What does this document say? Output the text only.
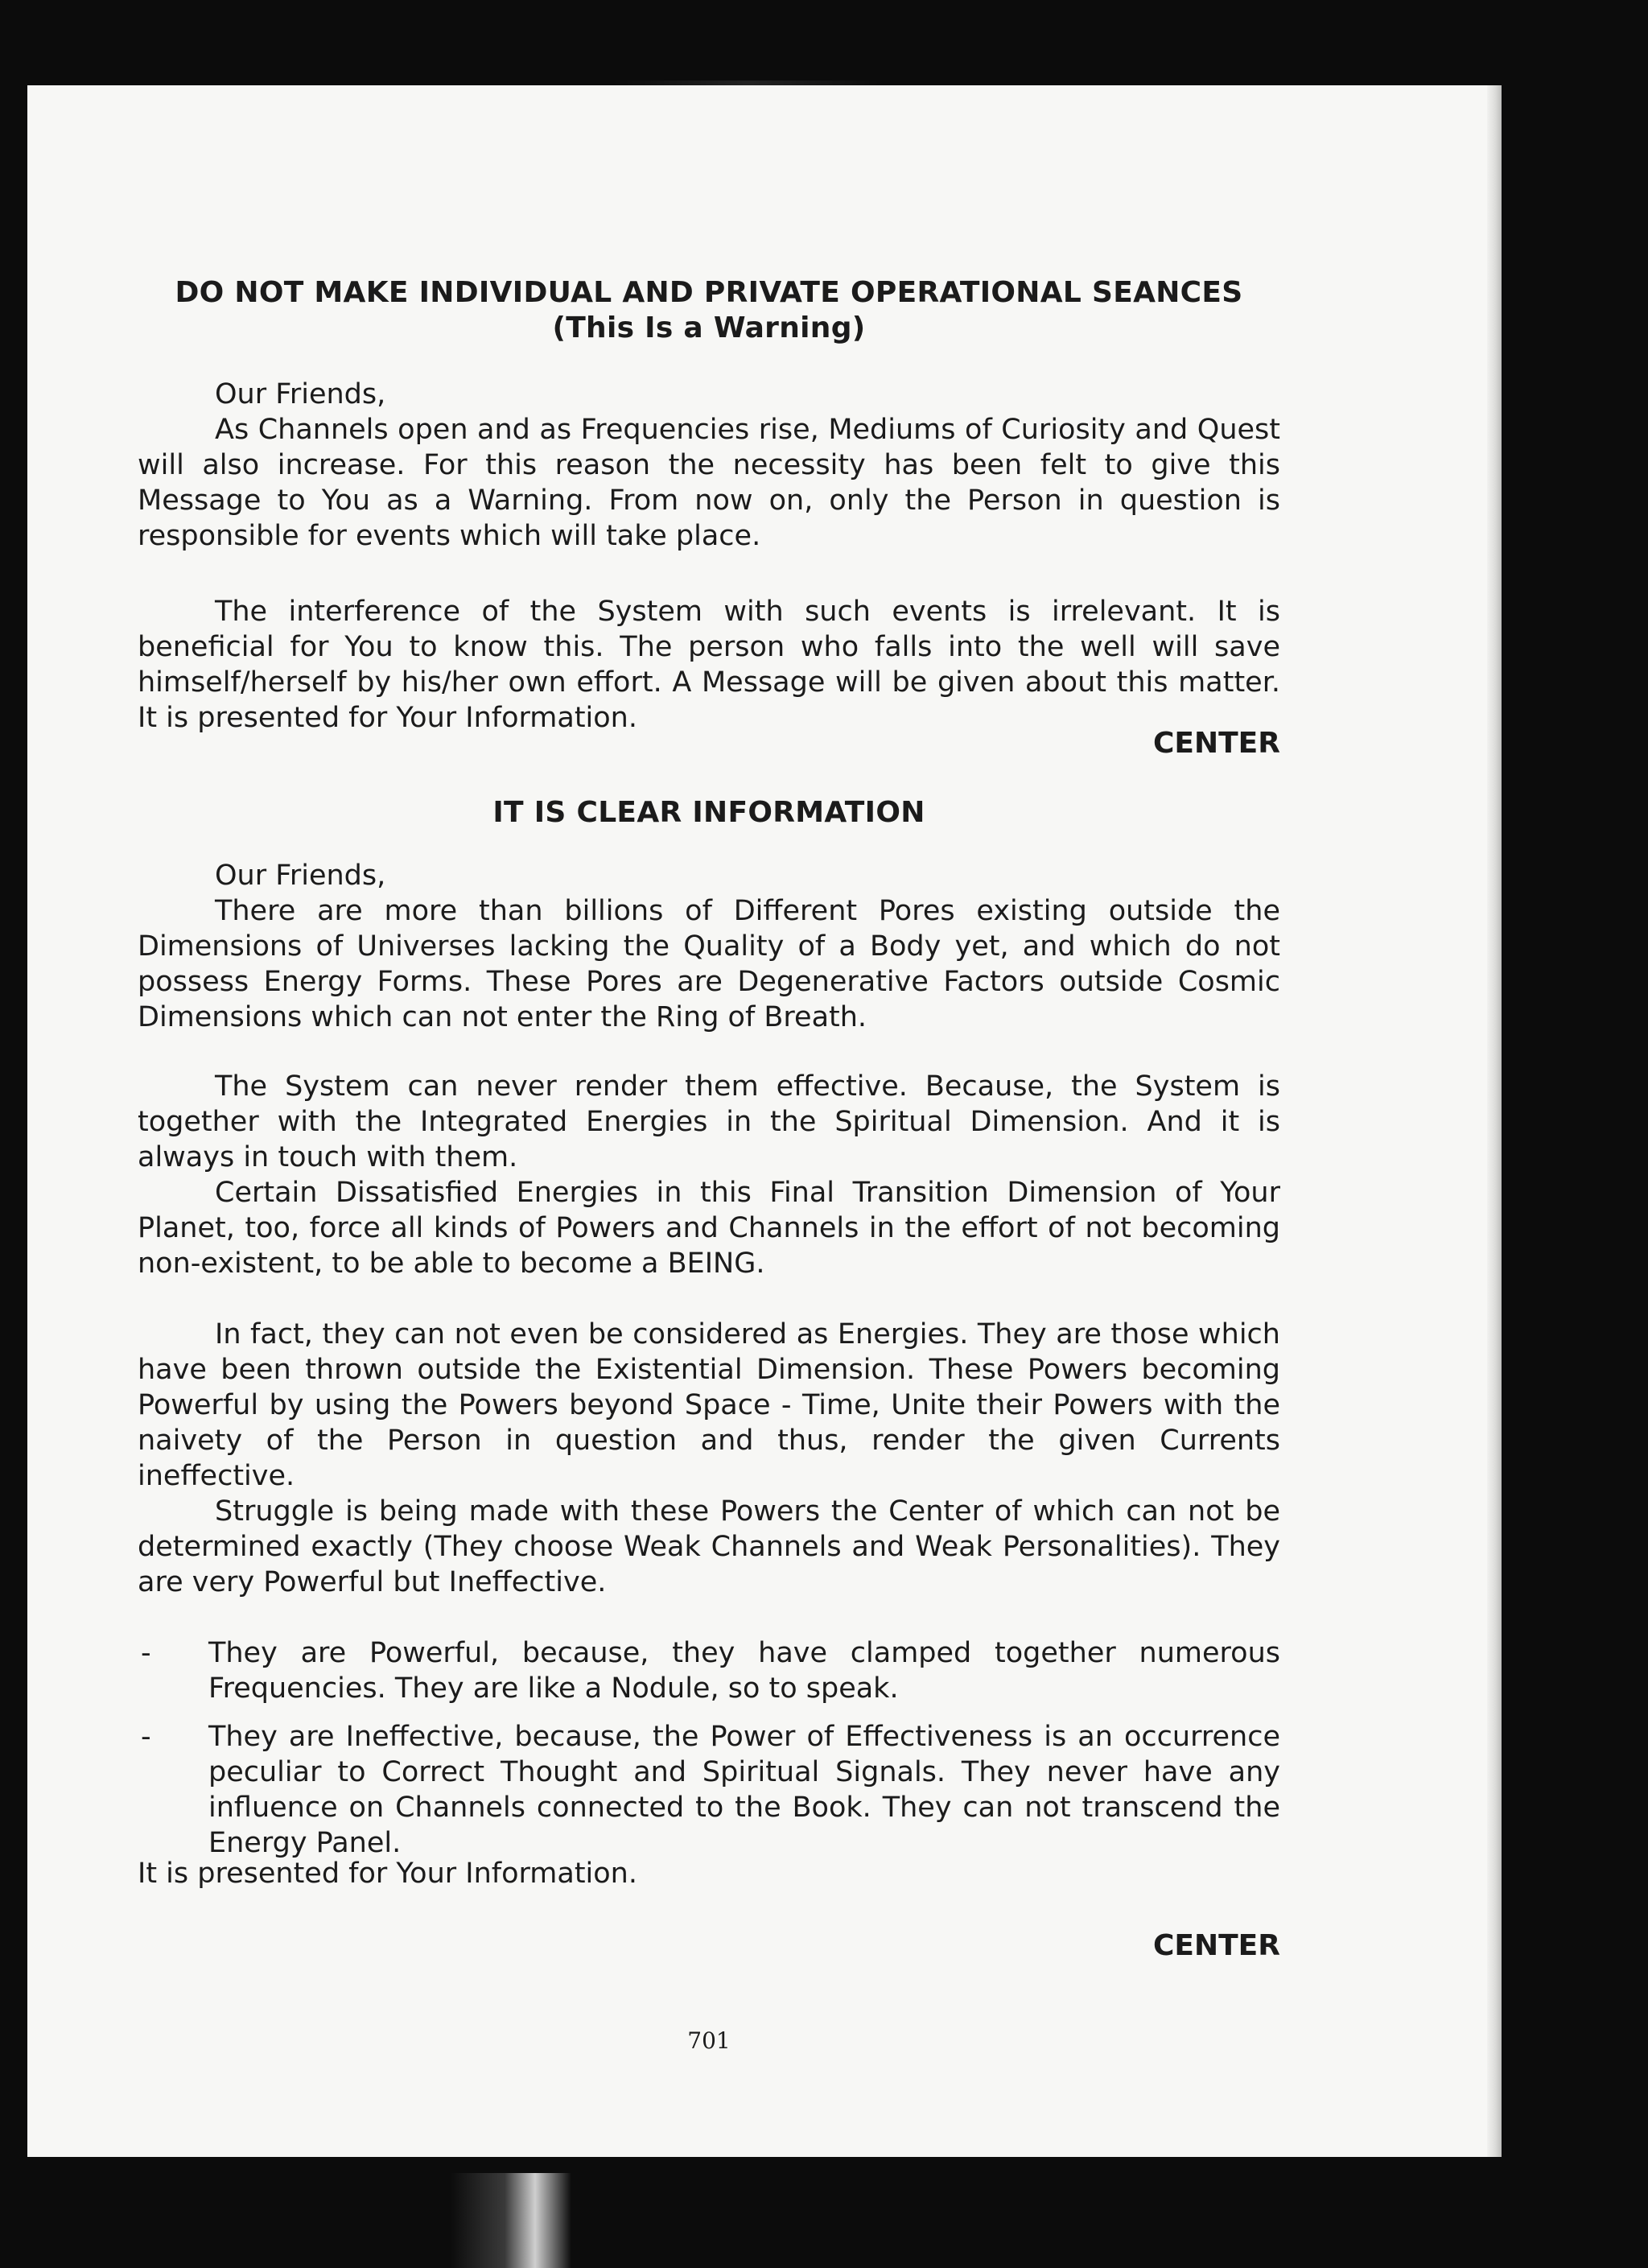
DO NOT MAKE INDIVIDUAL AND PRIVATE OPERATIONAL SEANCES
(This Is a Warning)
Our Friends,

As Channels open and as Frequencies rise, Mediums of Curiosity and Quest will also increase. For this reason the necessity has been felt to give this Message to You as a Warning. From now on, only the Person in question is responsible for events which will take place.

The interference of the System with such events is irrelevant. It is beneficial for You to know this. The person who falls into the well will save himself/herself by his/her own effort. A Message will be given about this matter. It is presented for Your Information.

CENTER
IT IS CLEAR INFORMATION
Our Friends,

There are more than billions of Different Pores existing outside the Dimensions of Universes lacking the Quality of a Body yet, and which do not possess Energy Forms. These Pores are Degenerative Factors outside Cosmic Dimensions which can not enter the Ring of Breath.

The System can never render them effective. Because, the System is together with the Integrated Energies in the Spiritual Dimension. And it is always in touch with them.

Certain Dissatisfied Energies in this Final Transition Dimension of Your Planet, too, force all kinds of Powers and Channels in the effort of not becoming non-existent, to be able to become a BEING.

In fact, they can not even be considered as Energies. They are those which have been thrown outside the Existential Dimension. These Powers becoming Powerful by using the Powers beyond Space - Time, Unite their Powers with the naivety of the Person in question and thus, render the given Currents ineffective.

Struggle is being made with these Powers the Center of which can not be determined exactly (They choose Weak Channels and Weak Personalities). They are very Powerful but Ineffective.

- They are Powerful, because, they have clamped together numerous Frequencies. They are like a Nodule, so to speak.
- They are Ineffective, because, the Power of Effectiveness is an occurrence peculiar to Correct Thought and Spiritual Signals. They never have any influence on Channels connected to the Book. They can not transcend the Energy Panel.
It is presented for Your Information.
CENTER
701
